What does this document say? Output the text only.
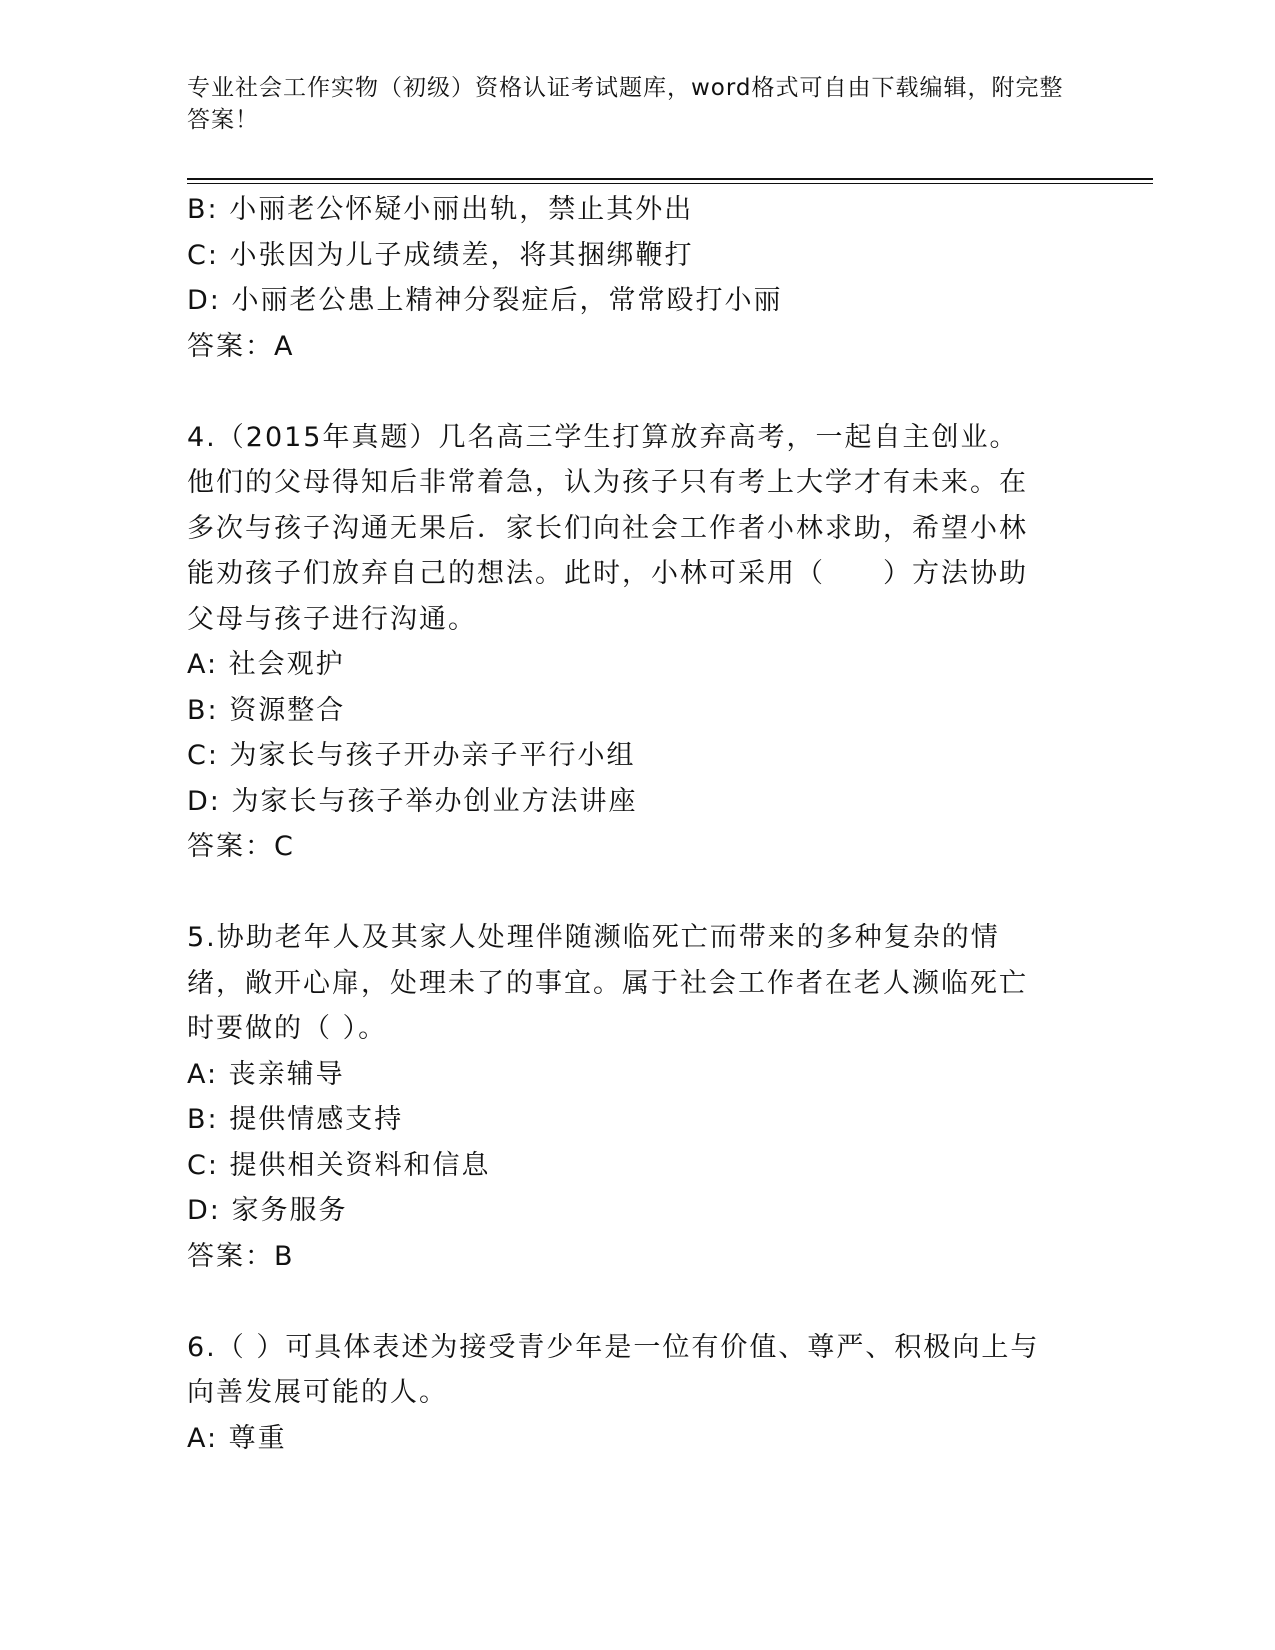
专业社会工作实物（初级）资格认证考试题库，word格式可自由下载编辑，附完整答案！
B: 小丽老公怀疑小丽出轨，禁止其外出
C: 小张因为儿子成绩差，将其捆绑鞭打
D: 小丽老公患上精神分裂症后，常常殴打小丽
答案：A
4.（2015年真题）几名高三学生打算放弃高考，一起自主创业。他们的父母得知后非常着急，认为孩子只有考上大学才有未来。在多次与孩子沟通无果后．家长们向社会工作者小林求助，希望小林能劝孩子们放弃自己的想法。此时，小林可采用（　　）方法协助父母与孩子进行沟通。
A: 社会观护
B: 资源整合
C: 为家长与孩子开办亲子平行小组
D: 为家长与孩子举办创业方法讲座
答案：C
5.协助老年人及其家人处理伴随濒临死亡而带来的多种复杂的情绪，敞开心扉，处理未了的事宜。属于社会工作者在老人濒临死亡时要做的（ ）。
A: 丧亲辅导
B: 提供情感支持
C: 提供相关资料和信息
D: 家务服务
答案：B
6.（ ）可具体表述为接受青少年是一位有价值、尊严、积极向上与向善发展可能的人。
A: 尊重
